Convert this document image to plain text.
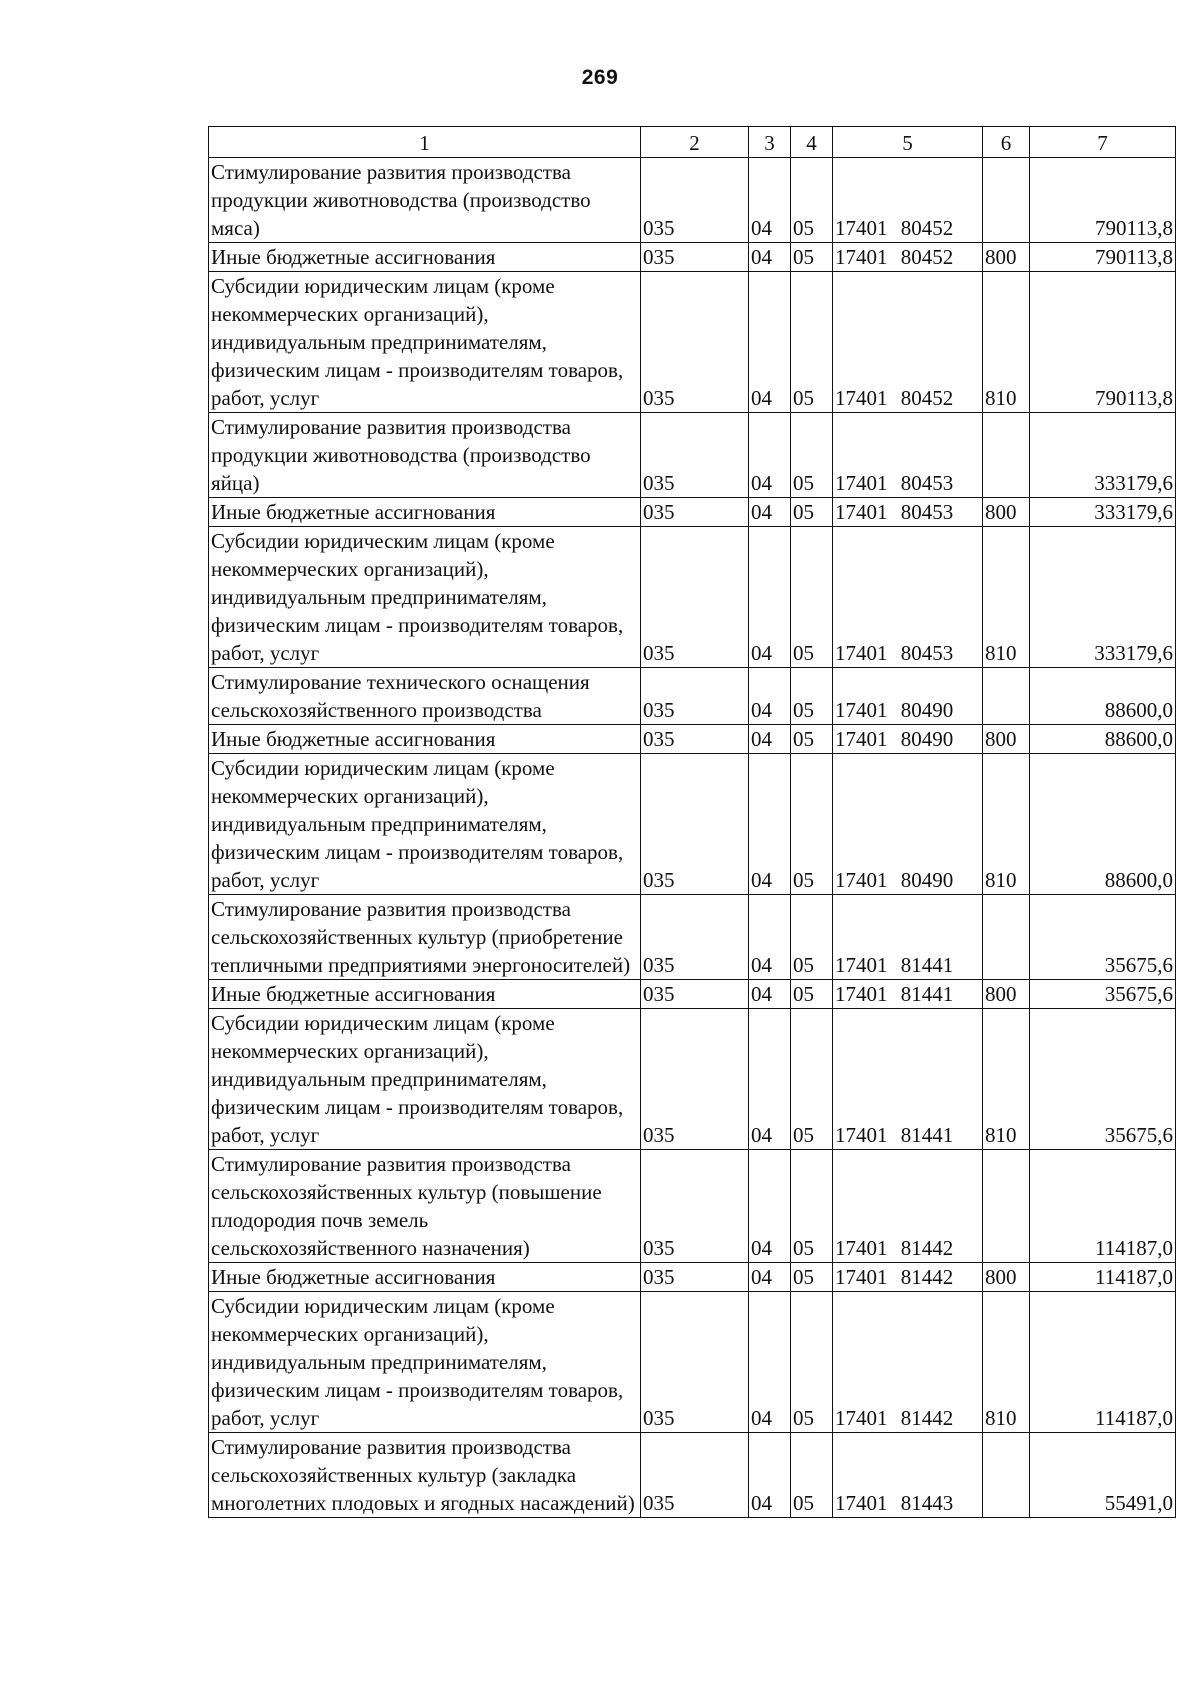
269
1	2	3	4	5	6	7
Стимулирование развития производства продукции животноводства (производство мяса)	035	04	05	17401 80452		790113,8
Иные бюджетные ассигнования	035	04	05	17401 80452	800	790113,8
Субсидии юридическим лицам (кроме некоммерческих организаций), индивидуальным предпринимателям, физическим лицам - производителям товаров, работ, услуг	035	04	05	17401 80452	810	790113,8
Стимулирование развития производства продукции животноводства (производство яйца)	035	04	05	17401 80453		333179,6
Иные бюджетные ассигнования	035	04	05	17401 80453	800	333179,6
Субсидии юридическим лицам (кроме некоммерческих организаций), индивидуальным предпринимателям, физическим лицам - производителям товаров, работ, услуг	035	04	05	17401 80453	810	333179,6
Стимулирование технического оснащения сельскохозяйственного производства	035	04	05	17401 80490		88600,0
Иные бюджетные ассигнования	035	04	05	17401 80490	800	88600,0
Субсидии юридическим лицам (кроме некоммерческих организаций), индивидуальным предпринимателям, физическим лицам - производителям товаров, работ, услуг	035	04	05	17401 80490	810	88600,0
Стимулирование развития производства сельскохозяйственных культур (приобретение тепличными предприятиями энергоносителей)	035	04	05	17401 81441		35675,6
Иные бюджетные ассигнования	035	04	05	17401 81441	800	35675,6
Субсидии юридическим лицам (кроме некоммерческих организаций), индивидуальным предпринимателям, физическим лицам - производителям товаров, работ, услуг	035	04	05	17401 81441	810	35675,6
Стимулирование развития производства сельскохозяйственных культур (повышение плодородия почв земель сельскохозяйственного назначения)	035	04	05	17401 81442		114187,0
Иные бюджетные ассигнования	035	04	05	17401 81442	800	114187,0
Субсидии юридическим лицам (кроме некоммерческих организаций), индивидуальным предпринимателям, физическим лицам - производителям товаров, работ, услуг	035	04	05	17401 81442	810	114187,0
Стимулирование развития производства сельскохозяйственных культур (закладка многолетних плодовых и ягодных насаждений)	035	04	05	17401 81443		55491,0
